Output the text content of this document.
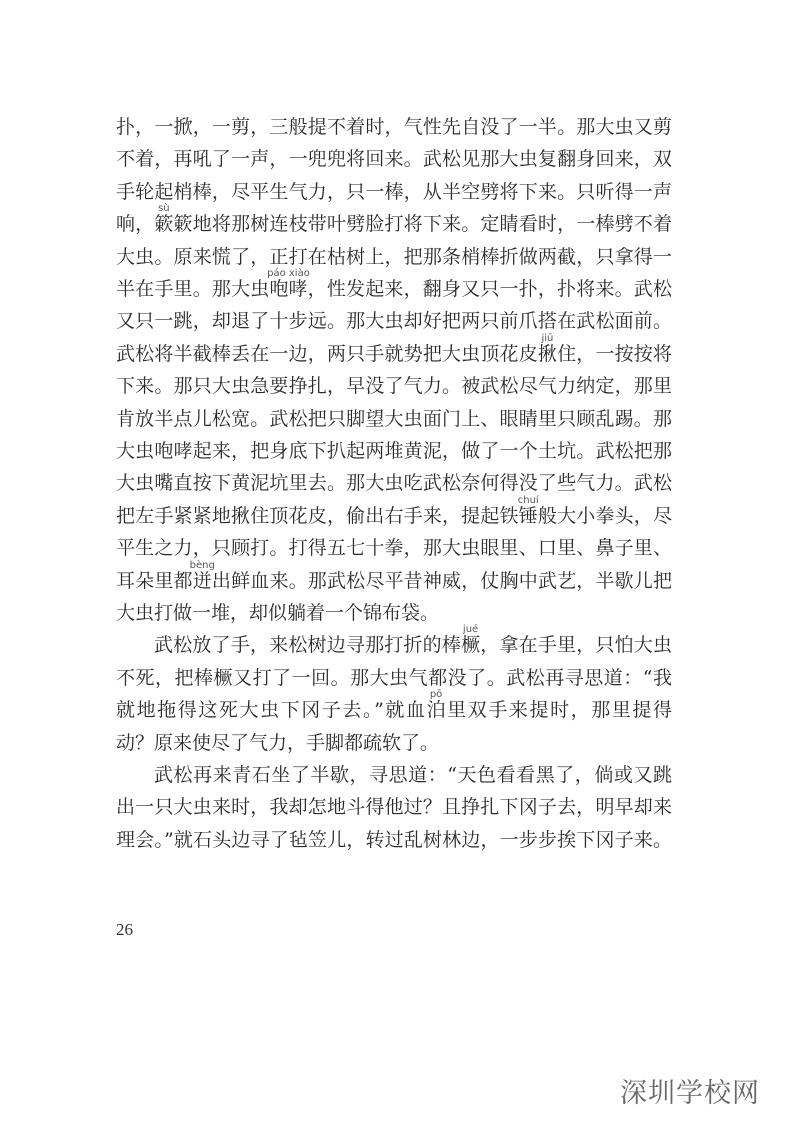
扑，一掀，一剪，三般提不着时，气性先自没了一半。那大虫又剪
不着，再吼了一声，一兜兜将回来。武松见那大虫复翻身回来，双
手轮起梢棒，尽平生气力，只一棒，从半空劈将下来。只听得一声
响，簌
sù
簌地将那树连枝带叶劈脸打将下来。定睛看时，一棒劈不着
大虫。原来慌了，正打在枯树上，把那条梢棒折做两截，只拿得一
半在手里。那大虫咆哮
páo xiào
，性发起来，翻身又只一扑，扑将来。武松
又只一跳，却退了十步远。那大虫却好把两只前爪搭在武松面前。
武松将半截棒丢在一边，两只手就势把大虫顶花皮揪
jiū
住，一按按将
下来。那只大虫急要挣扎，早没了气力。被武松尽气力纳定，那里
肯放半点儿松宽。武松把只脚望大虫面门上、眼睛里只顾乱踢。那
大虫咆哮起来，把身底下扒起两堆黄泥，做了一个土坑。武松把那
大虫嘴直按下黄泥坑里去。那大虫吃武松奈何得没了些气力。武松
把左手紧紧地揪住顶花皮，偷出右手来，提起铁锤
chuí
般大小拳头，尽
平生之力，只顾打。打得五七十拳，那大虫眼里、口里、鼻子里、
耳朵里都迸
bèng
出鲜血来。那武松尽平昔神威，仗胸中武艺，半歇儿把
大虫打做一堆，却似躺着一个锦布袋。
武松放了手，来松树边寻那打折的棒橛
jué
，拿在手里，只怕大虫
不死，把棒橛又打了一回。那大虫气都没了。武松再寻思道：“我
就地拖得这死大虫下冈子去。”就血泊
pō
里双手来提时，那里提得
动？原来使尽了气力，手脚都疏软了。
武松再来青石坐了半歇，寻思道：“天色看看黑了，倘或又跳
出一只大虫来时，我却怎地斗得他过？且挣扎下冈子去，明早却来
理会。”就石头边寻了毡笠儿，转过乱树林边，一步步挨下冈子来。
26
深圳学校网
